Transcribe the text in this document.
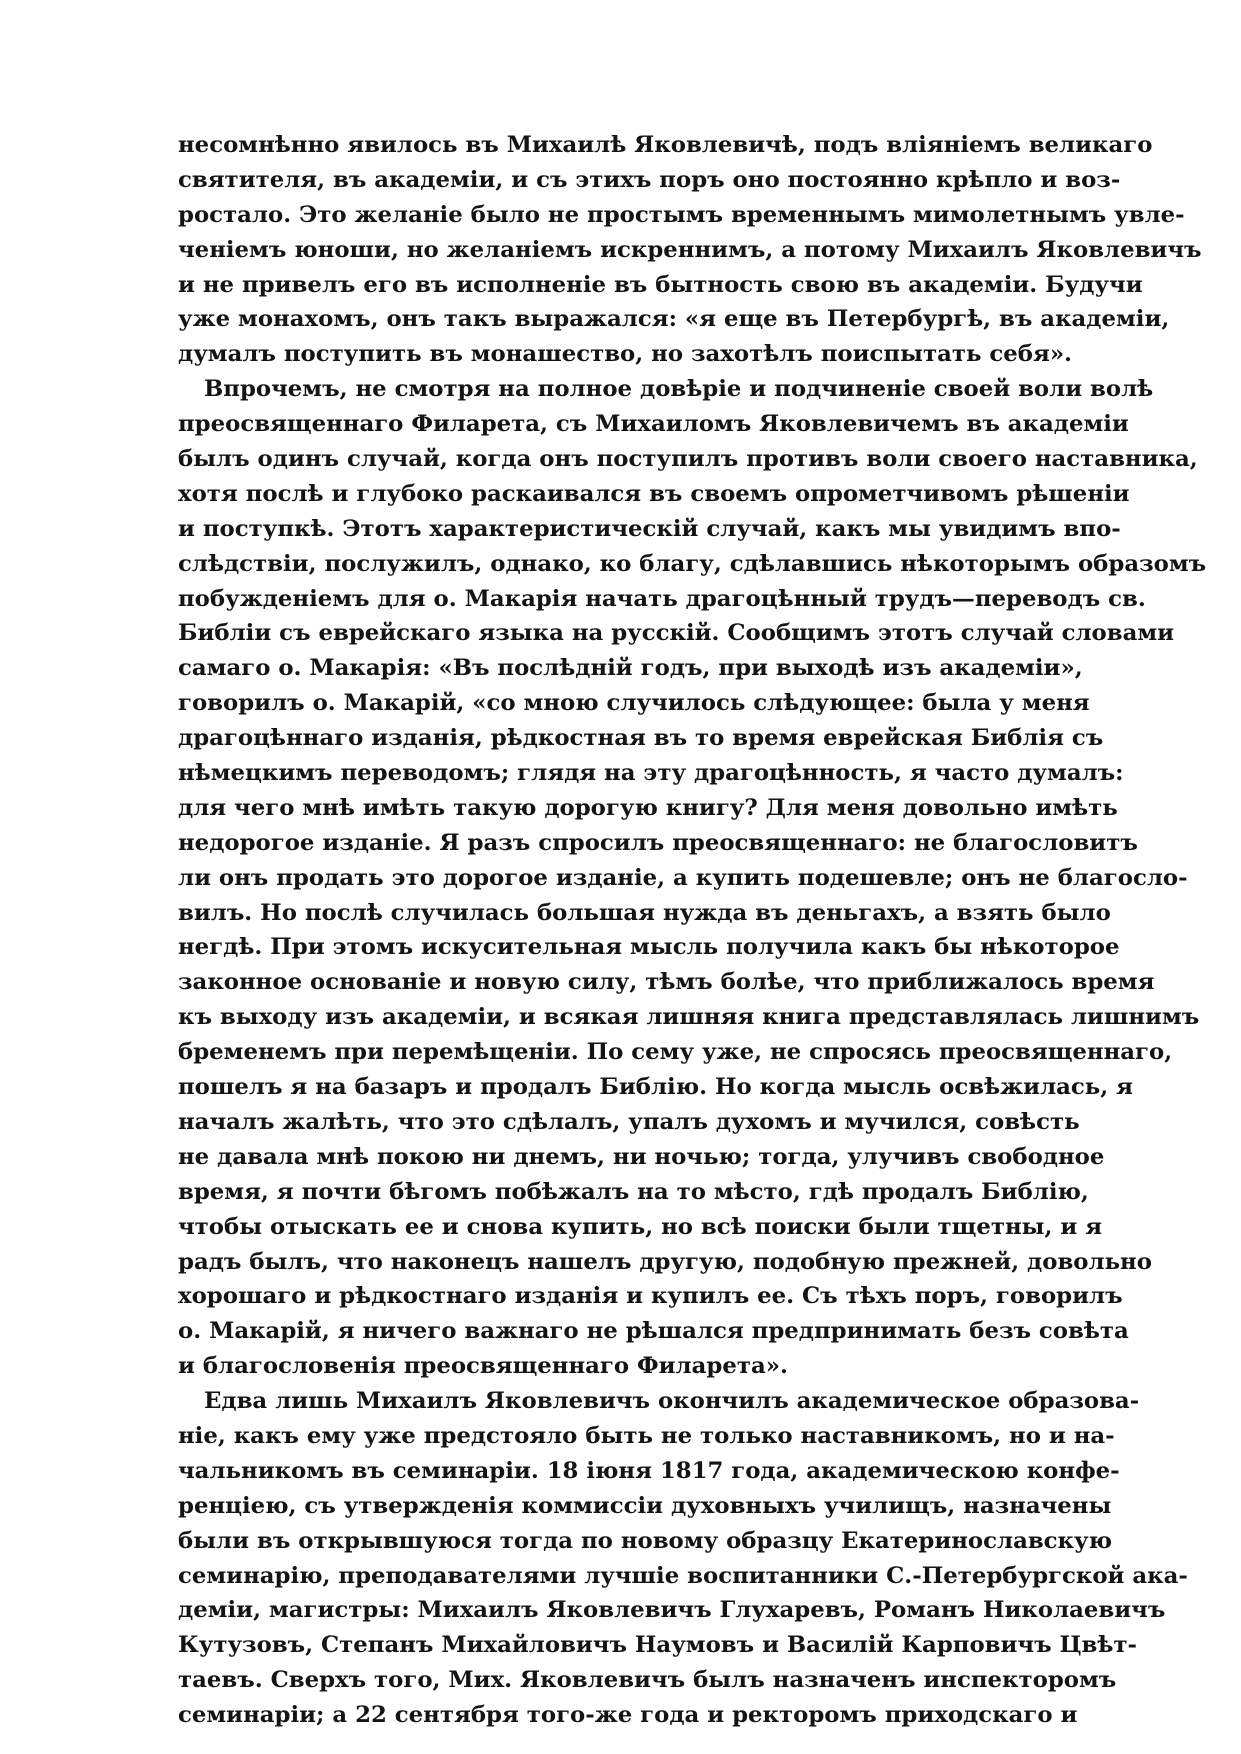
несомнѣнно явилось въ Михаилѣ Яковлевичѣ, подъ вліяніемъ великаго
святителя, въ академіи, и съ этихъ поръ оно постоянно крѣпло и воз-
ростало. Это желаніе было не простымъ временнымъ мимолетнымъ увле-
ченіемъ юноши, но желаніемъ искреннимъ, а потому Михаилъ Яковлевичъ
и не привелъ его въ исполненіе въ бытность свою въ академіи. Будучи
уже монахомъ, онъ такъ выражался: «я еще въ Петербургѣ, въ академіи,
думалъ поступить въ монашество, но захотѣлъ поиспытать себя».
Впрочемъ, не смотря на полное довѣріе и подчиненіе своей воли волѣ
преосвященнаго Филарета, съ Михаиломъ Яковлевичемъ въ академіи
былъ одинъ случай, когда онъ поступилъ противъ воли своего наставника,
хотя послѣ и глубоко раскаивался въ своемъ опрометчивомъ рѣшеніи
и поступкѣ. Этотъ характеристическій случай, какъ мы увидимъ впо-
слѣдствіи, послужилъ, однако, ко благу, сдѣлавшись нѣкоторымъ образомъ
побужденіемъ для о. Макарія начать драгоцѣнный трудъ—переводъ св.
Библіи съ еврейскаго языка на русскій. Сообщимъ этотъ случай словами
самаго о. Макарія: «Въ послѣдній годъ, при выходѣ изъ академіи»,
говорилъ о. Макарій, «со мною случилось слѣдующее: была у меня
драгоцѣннаго изданія, рѣдкостная въ то время еврейская Библія съ
нѣмецкимъ переводомъ; глядя на эту драгоцѣнность, я часто думалъ:
для чего мнѣ имѣть такую дорогую книгу? Для меня довольно имѣть
недорогое изданіе. Я разъ спросилъ преосвященнаго: не благословитъ
ли онъ продать это дорогое изданіе, а купить подешевле; онъ не благосло-
вилъ. Но послѣ случилась большая нужда въ деньгахъ, а взять было
негдѣ. При этомъ искусительная мысль получила какъ бы нѣкоторое
законное основаніе и новую силу, тѣмъ болѣе, что приближалось время
къ выходу изъ академіи, и всякая лишняя книга представлялась лишнимъ
бременемъ при перемѣщеніи. По сему уже, не спросясь преосвященнаго,
пошелъ я на базаръ и продалъ Библію. Но когда мысль освѣжилась, я
началъ жалѣть, что это сдѣлалъ, упалъ духомъ и мучился, совѣсть
не давала мнѣ покою ни днемъ, ни ночью; тогда, улучивъ свободное
время, я почти бѣгомъ побѣжалъ на то мѣсто, гдѣ продалъ Библію,
чтобы отыскать ее и снова купить, но всѣ поиски были тщетны, и я
радъ былъ, что наконецъ нашелъ другую, подобную прежней, довольно
хорошаго и рѣдкостнаго изданія и купилъ ее. Съ тѣхъ поръ, говорилъ
о. Макарій, я ничего важнаго не рѣшался предпринимать безъ совѣта
и благословенія преосвященнаго Филарета».
Едва лишь Михаилъ Яковлевичъ окончилъ академическое образова-
ніе, какъ ему уже предстояло быть не только наставникомъ, но и на-
чальникомъ въ семинаріи. 18 іюня 1817 года, академическою конфе-
ренціею, съ утвержденія коммиссіи духовныхъ училищъ, назначены
были въ открывшуюся тогда по новому образцу Екатеринославскую
семинарію, преподавателями лучшіе воспитанники С.-Петербургской ака-
деміи, магистры: Михаилъ Яковлевичъ Глухаревъ, Романъ Николаевичъ
Кутузовъ, Степанъ Михайловичъ Наумовъ и Василій Карповичъ Цвѣт-
таевъ. Сверхъ того, Мих. Яковлевичъ былъ назначенъ инспекторомъ
семинаріи; а 22 сентября того-же года и ректоромъ приходскаго и
